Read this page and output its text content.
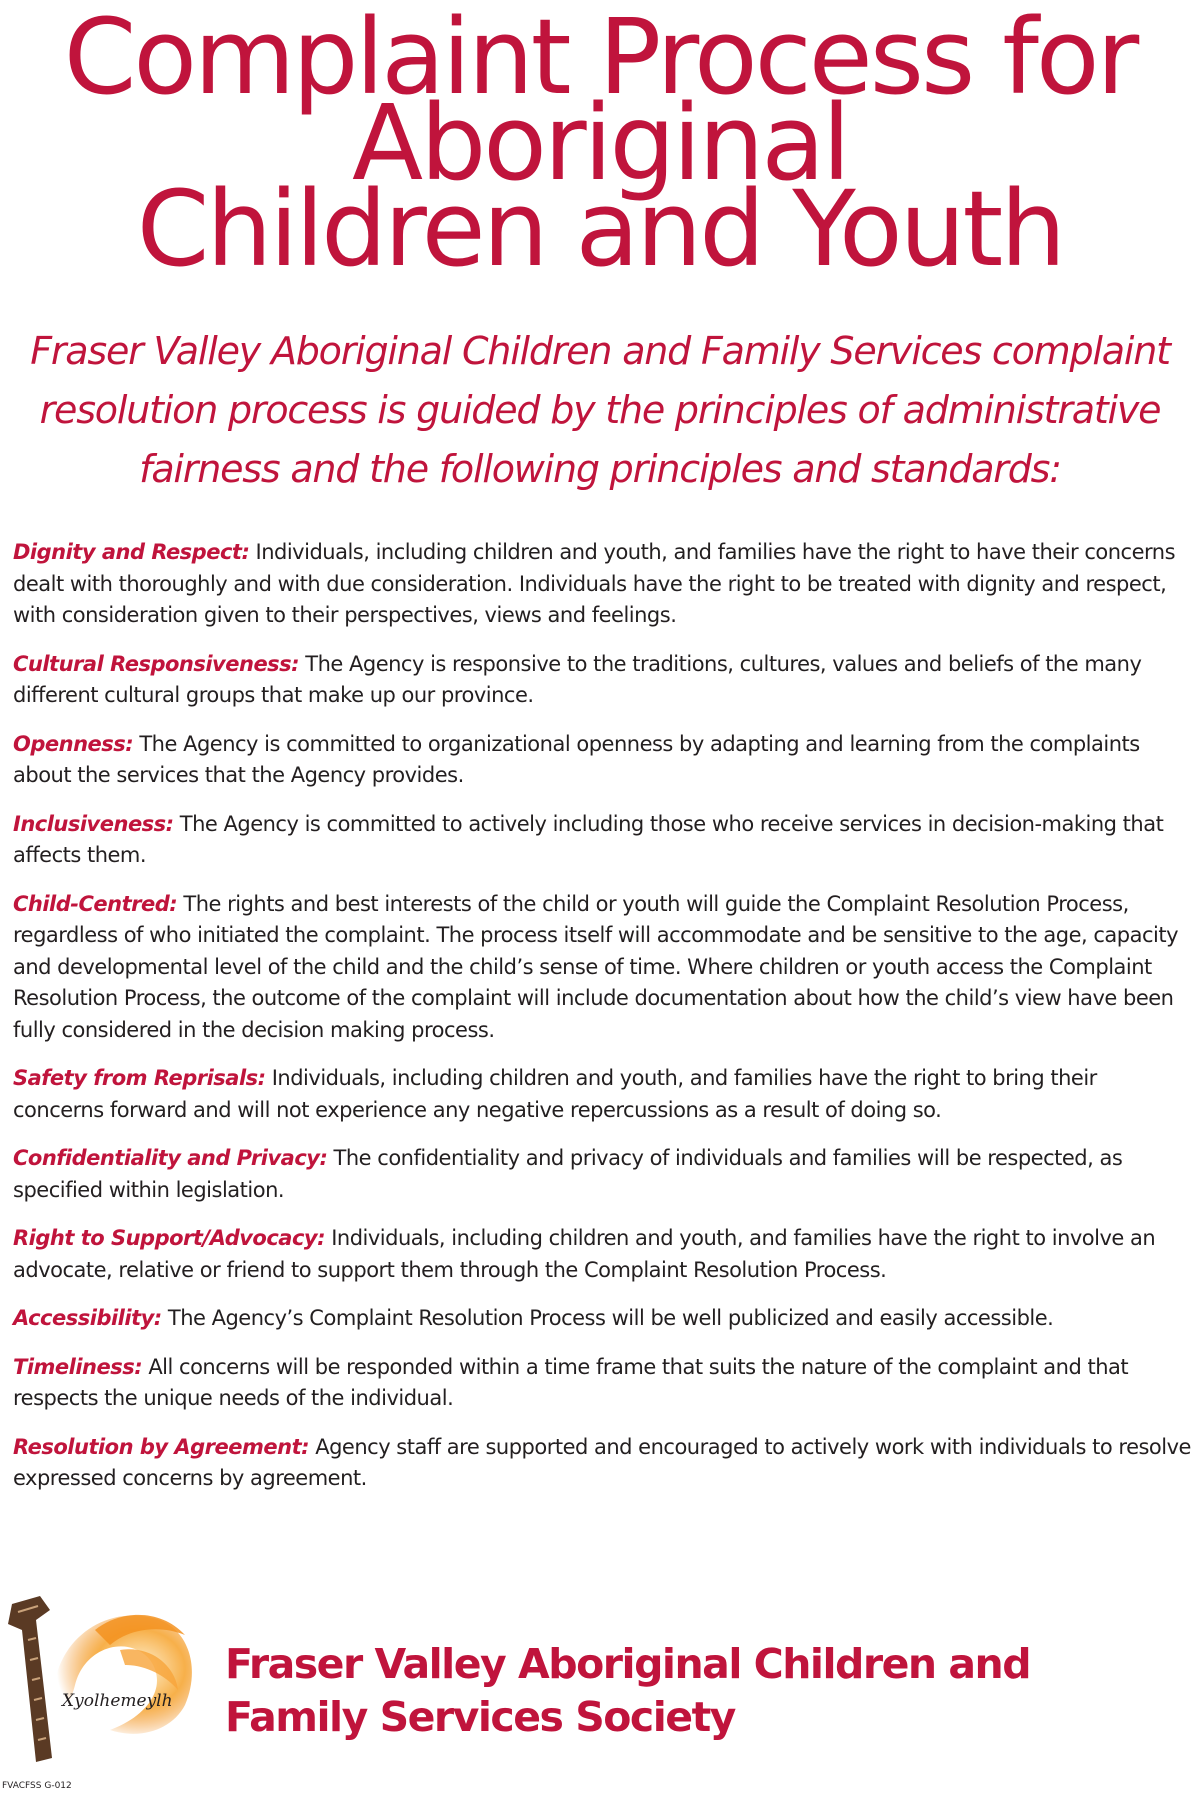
Complaint Process for
Aboriginal
Children and Youth

Fraser Valley Aboriginal Children and Family Services complaint
resolution process is guided by the principles of administrative
fairness and the following principles and standards:

Dignity and Respect: Individuals, including children and youth, and families have the right to have their concerns dealt with thoroughly and with due consideration. Individuals have the right to be treated with dignity and respect, with consideration given to their perspectives, views and feelings.
Cultural Responsiveness: The Agency is responsive to the traditions, cultures, values and beliefs of the many different cultural groups that make up our province.
Openness: The Agency is committed to organizational openness by adapting and learning from the complaints about the services that the Agency provides.
Inclusiveness: The Agency is committed to actively including those who receive services in decision-making that affects them.
Child-Centred: The rights and best interests of the child or youth will guide the Complaint Resolution Process, regardless of who initiated the complaint. The process itself will accommodate and be sensitive to the age, capacity and developmental level of the child and the child’s sense of time. Where children or youth access the Complaint Resolution Process, the outcome of the complaint will include documentation about how the child’s view have been fully considered in the decision making process.
Safety from Reprisals: Individuals, including children and youth, and families have the right to bring their concerns forward and will not experience any negative repercussions as a result of doing so.
Confidentiality and Privacy: The confidentiality and privacy of individuals and families will be respected, as specified within legislation.
Right to Support/Advocacy: Individuals, including children and youth, and families have the right to involve an advocate, relative or friend to support them through the Complaint Resolution Process.
Accessibility: The Agency’s Complaint Resolution Process will be well publicized and easily accessible.
Timeliness: All concerns will be responded within a time frame that suits the nature of the complaint and that respects the unique needs of the individual.
Resolution by Agreement: Agency staff are supported and encouraged to actively work with individuals to resolve expressed concerns by agreement.
Xyolhemeylh
Fraser Valley Aboriginal Children and
Family Services Society
FVACFSS G-012
